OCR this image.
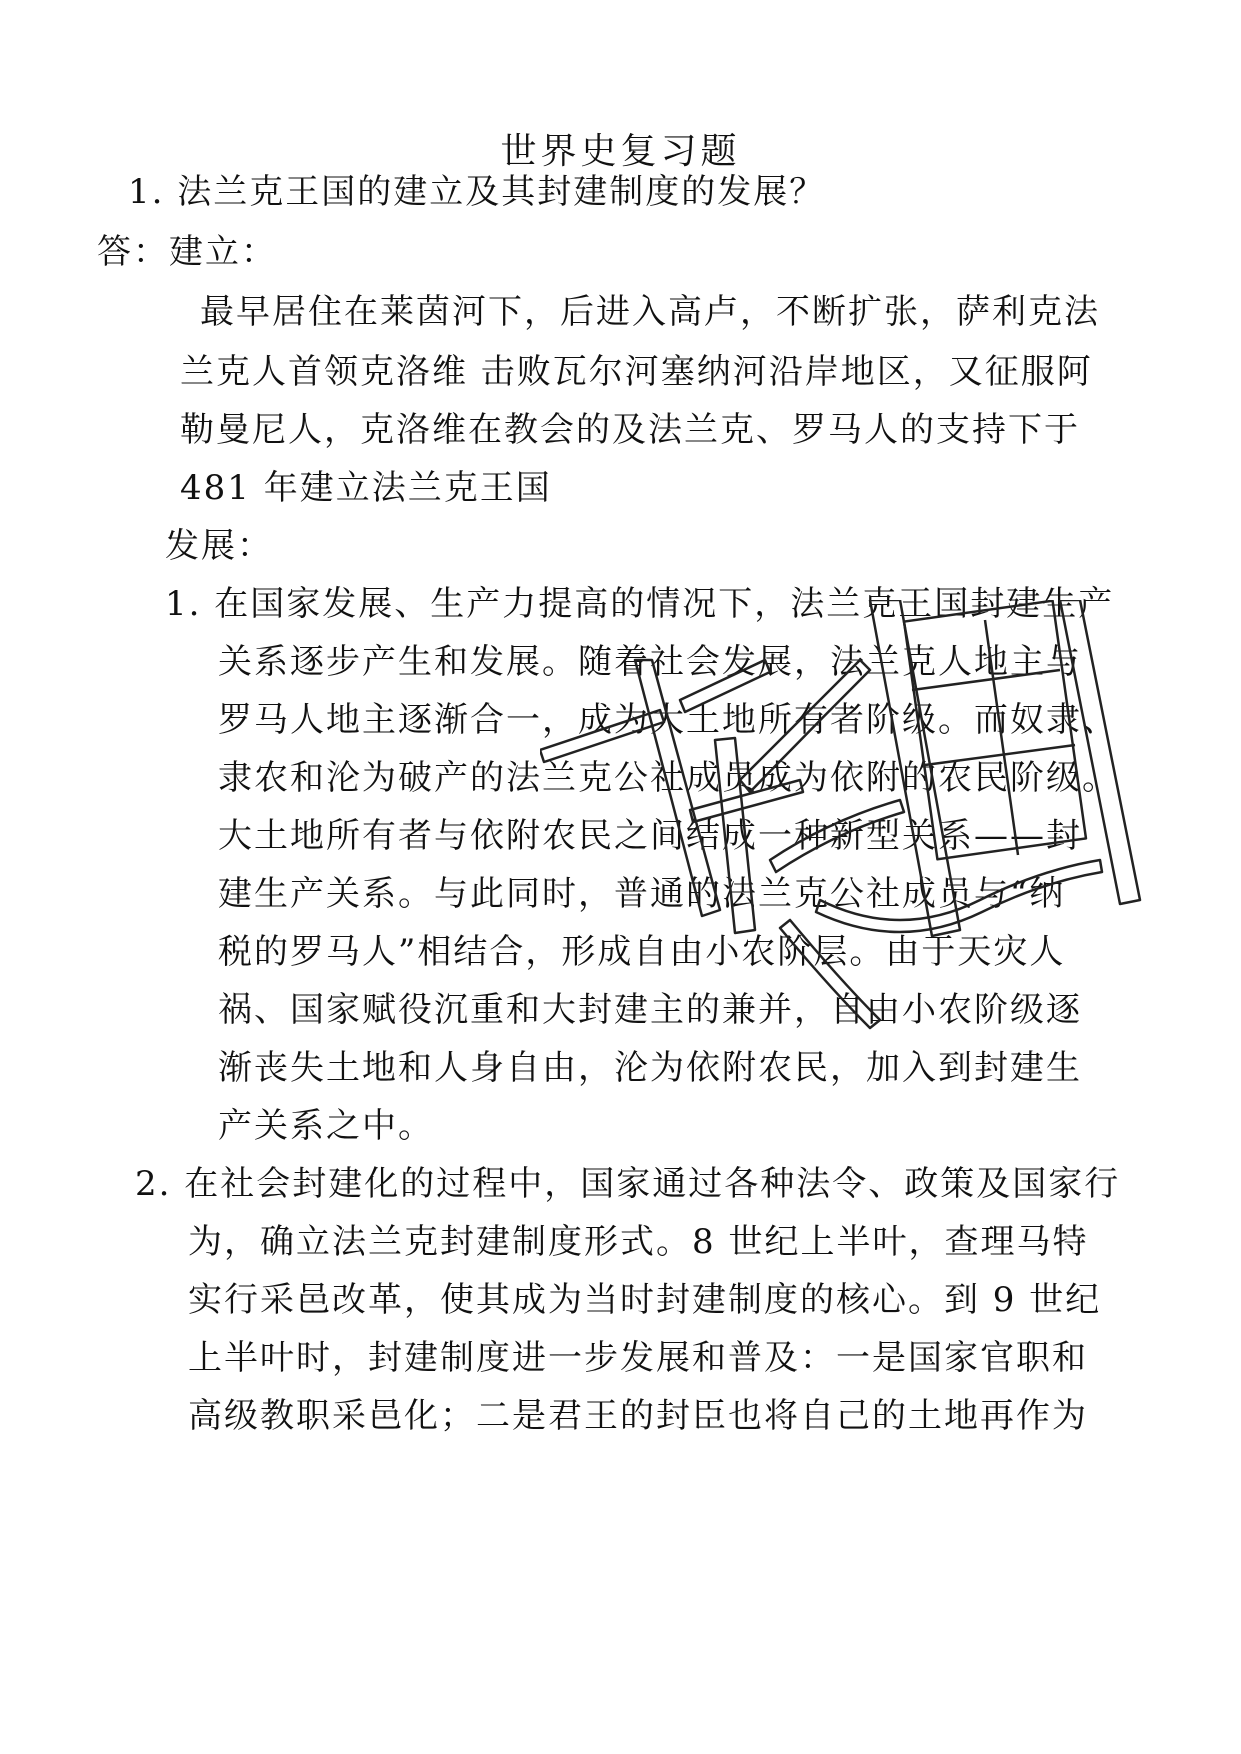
世界史复习题
1. 法兰克王国的建立及其封建制度的发展？
答：建立：
最早居住在莱茵河下，后进入高卢，不断扩张，萨利克法
兰克人首领克洛维 击败瓦尔河塞纳河沿岸地区，又征服阿
勒曼尼人，克洛维在教会的及法兰克、罗马人的支持下于
481 年建立法兰克王国
发展：
1. 在国家发展、生产力提高的情况下，法兰克王国封建生产
关系逐步产生和发展。随着社会发展，法兰克人地主与
罗马人地主逐渐合一，成为大土地所有者阶级。而奴隶、
隶农和沦为破产的法兰克公社成员成为依附的农民阶级。
大土地所有者与依附农民之间结成一种新型关系——封
建生产关系。与此同时，普通的法兰克公社成员与“纳
税的罗马人”相结合，形成自由小农阶层。由于天灾人
祸、国家赋役沉重和大封建主的兼并，自由小农阶级逐
渐丧失土地和人身自由，沦为依附农民，加入到封建生
产关系之中。
2. 在社会封建化的过程中，国家通过各种法令、政策及国家行
为，确立法兰克封建制度形式。8 世纪上半叶，查理马特
实行采邑改革，使其成为当时封建制度的核心。到 9 世纪
上半叶时，封建制度进一步发展和普及：一是国家官职和
高级教职采邑化；二是君王的封臣也将自己的土地再作为
